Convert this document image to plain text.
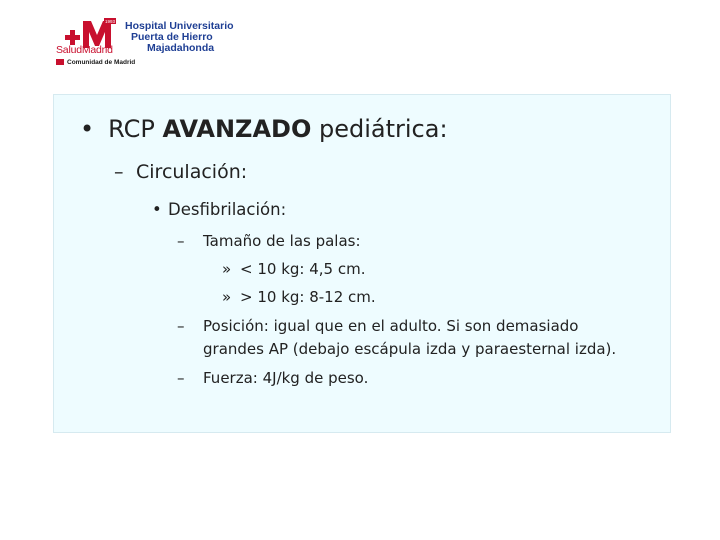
1993
SaludMadrid
Hospital Universitario
Puerta de Hierro
Majadahonda
Comunidad de Madrid
• RCP AVANZADO pediátrica:
– Circulación:
• Desfibrilación:
– Tamaño de las palas:
» < 10 kg: 4,5 cm.
» > 10 kg: 8-12 cm.
– Posición: igual que en el adulto. Si son demasiado
grandes AP (debajo escápula izda y paraesternal izda).
– Fuerza: 4J/kg de peso.
